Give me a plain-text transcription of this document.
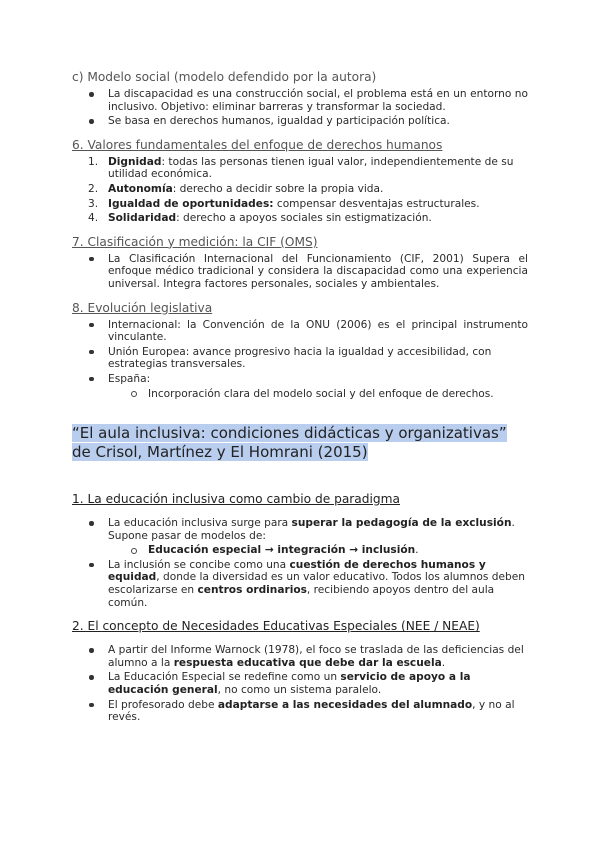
c) Modelo social (modelo defendido por la autora)

La discapacidad es una construcción social, el problema está en un entorno no inclusivo. Objetivo: eliminar barreras y transformar la sociedad.
Se basa en derechos humanos, igualdad y participación política.

6. Valores fundamentales del enfoque de derechos humanos

1. Dignidad: todas las personas tienen igual valor, independientemente de su utilidad económica.
2. Autonomía: derecho a decidir sobre la propia vida.
3. Igualdad de oportunidades: compensar desventajas estructurales.
4. Solidaridad: derecho a apoyos sociales sin estigmatización.

7. Clasificación y medición: la CIF (OMS)

La Clasificación Internacional del Funcionamiento (CIF, 2001) Supera el enfoque médico tradicional y considera la discapacidad como una experiencia universal. Integra factores personales, sociales y ambientales.

8. Evolución legislativa

Internacional: la Convención de la ONU (2006) es el principal instrumento vinculante.
Unión Europea: avance progresivo hacia la igualdad y accesibilidad, con estrategias transversales.
España:
Incorporación clara del modelo social y del enfoque de derechos.

“El aula inclusiva: condiciones didácticas y organizativas” de Crisol, Martínez y El Homrani (2015)

1. La educación inclusiva como cambio de paradigma

La educación inclusiva surge para superar la pedagogía de la exclusión. Supone pasar de modelos de:
Educación especial → integración → inclusión.
La inclusión se concibe como una cuestión de derechos humanos y equidad, donde la diversidad es un valor educativo. Todos los alumnos deben escolarizarse en centros ordinarios, recibiendo apoyos dentro del aula común.

2. El concepto de Necesidades Educativas Especiales (NEE / NEAE)

A partir del Informe Warnock (1978), el foco se traslada de las deficiencias del alumno a la respuesta educativa que debe dar la escuela.
La Educación Especial se redefine como un servicio de apoyo a la educación general, no como un sistema paralelo.
El profesorado debe adaptarse a las necesidades del alumnado, y no al revés.
